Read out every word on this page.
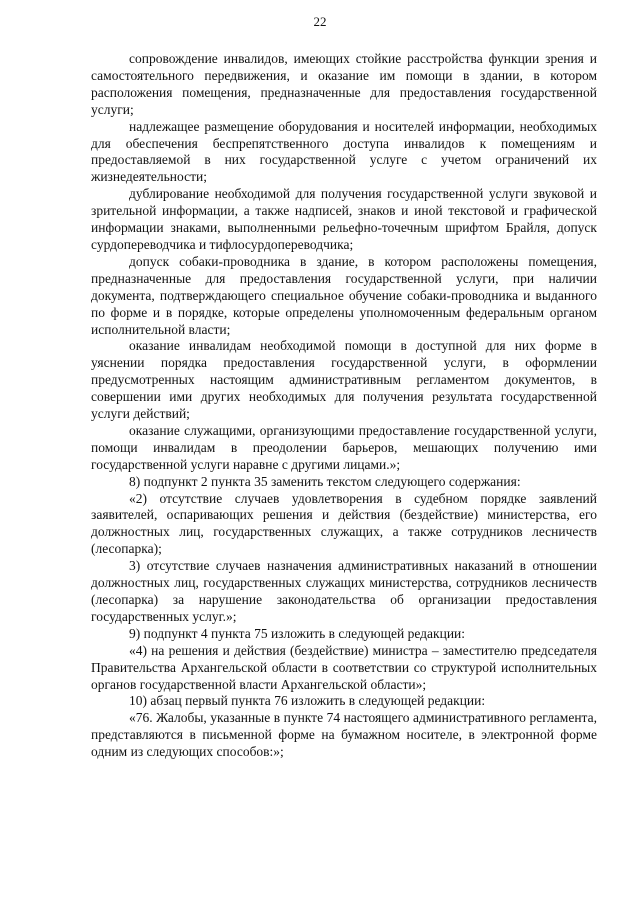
22

сопровождение инвалидов, имеющих стойкие расстройства функции зрения и самостоятельного передвижения, и оказание им помощи в здании, в котором расположения помещения, предназначенные для предоставления государственной услуги;

надлежащее размещение оборудования и носителей информации, необходимых для обеспечения беспрепятственного доступа инвалидов к помещениям и предоставляемой в них государственной услуге с учетом ограничений их жизнедеятельности;

дублирование необходимой для получения государственной услуги звуковой и зрительной информации, а также надписей, знаков и иной текстовой и графической информации знаками, выполненными рельефно-точечным шрифтом Брайля, допуск сурдопереводчика и тифлосурдопереводчика;

допуск собаки-проводника в здание, в котором расположены помещения, предназначенные для предоставления государственной услуги, при наличии документа, подтверждающего специальное обучение собаки-проводника и выданного по форме и в порядке, которые определены уполномоченным федеральным органом исполнительной власти;

оказание инвалидам необходимой помощи в доступной для них форме в уяснении порядка предоставления государственной услуги, в оформлении предусмотренных настоящим административным регламентом документов, в совершении ими других необходимых для получения результата государственной услуги действий;

оказание служащими, организующими предоставление государственной услуги, помощи инвалидам в преодолении барьеров, мешающих получению ими государственной услуги наравне с другими лицами.»;

8) подпункт 2 пункта 35 заменить текстом следующего содержания:

«2) отсутствие случаев удовлетворения в судебном порядке заявлений заявителей, оспаривающих решения и действия (бездействие) министерства, его должностных лиц, государственных служащих, а также сотрудников лесничеств (лесопарка);

3) отсутствие случаев назначения административных наказаний в отношении должностных лиц, государственных служащих министерства, сотрудников лесничеств (лесопарка) за нарушение законодательства об организации предоставления государственных услуг.»;

9) подпункт 4 пункта 75 изложить в следующей редакции:

«4) на решения и действия (бездействие) министра – заместителю председателя Правительства Архангельской области в соответствии со структурой исполнительных органов государственной власти Архангельской области»;

10) абзац первый пункта 76 изложить в следующей редакции:

«76. Жалобы, указанные в пункте 74 настоящего административного регламента, представляются в письменной форме на бумажном носителе, в электронной форме одним из следующих способов:»;
